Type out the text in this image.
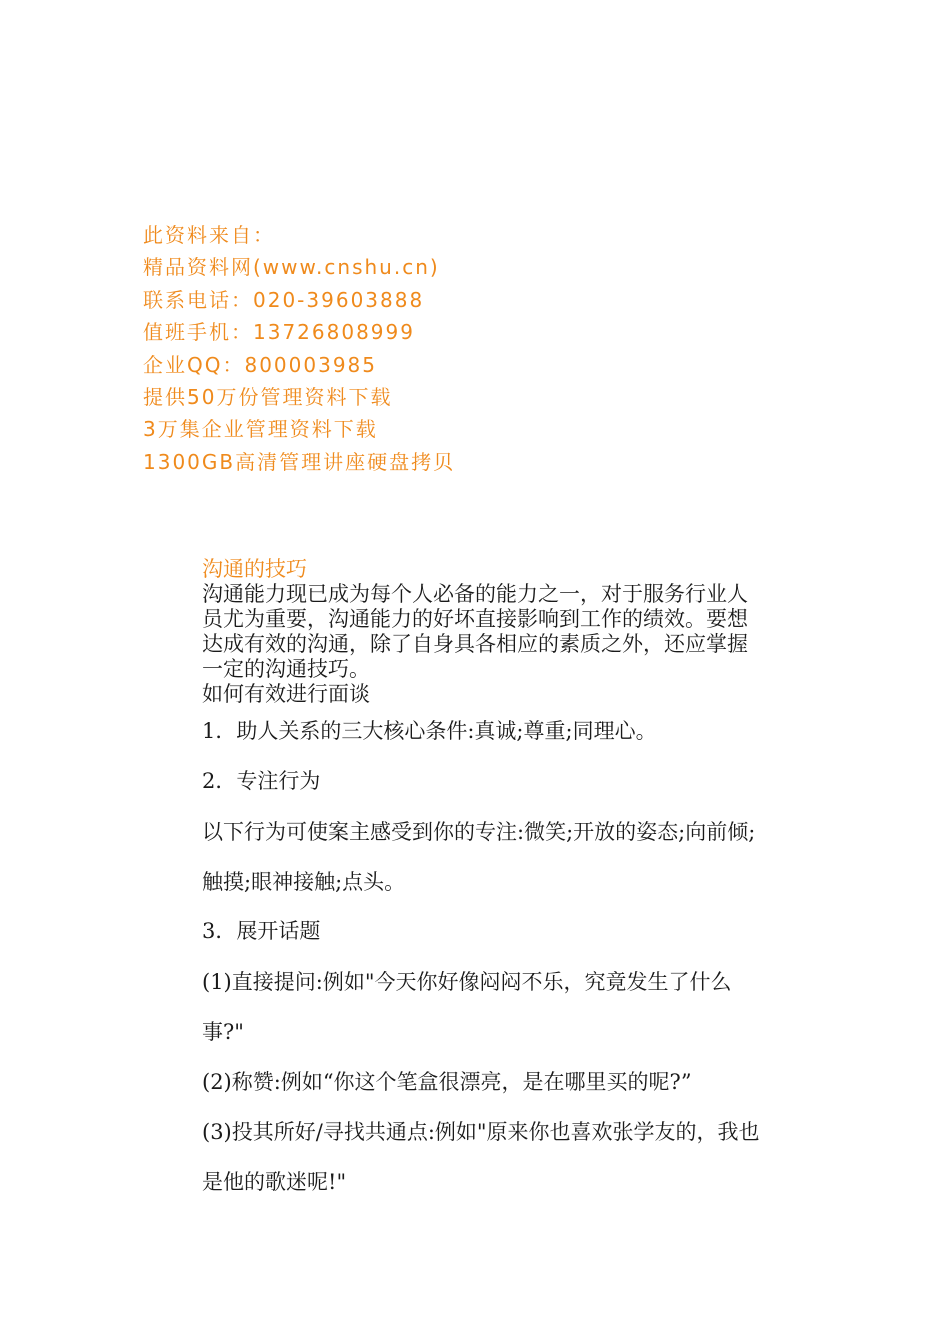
此资料来自：
精品资料网(www.cnshu.cn)
联系电话：020-39603888
值班手机：13726808999
企业QQ：800003985
提供50万份管理资料下载
3万集企业管理资料下载
1300GB高清管理讲座硬盘拷贝
沟通的技巧

沟通能力现已成为每个人必备的能力之一，对于服务行业人员尤为重要，沟通能力的好坏直接影响到工作的绩效。要想达成有效的沟通，除了自身具各相应的素质之外，还应掌握一定的沟通技巧。

如何有效进行面谈

1．助人关系的三大核心条件:真诚;尊重;同理心。

2．专注行为

以下行为可使案主感受到你的专注:微笑;开放的姿态;向前倾;触摸;眼神接触;点头。

3．展开话题

(1)直接提问:例如"今天你好像闷闷不乐，究竟发生了什么事?"

(2)称赞:例如“你这个笔盒很漂亮，是在哪里买的呢?”

(3)投其所好/寻找共通点:例如"原来你也喜欢张学友的，我也是他的歌迷呢!"
